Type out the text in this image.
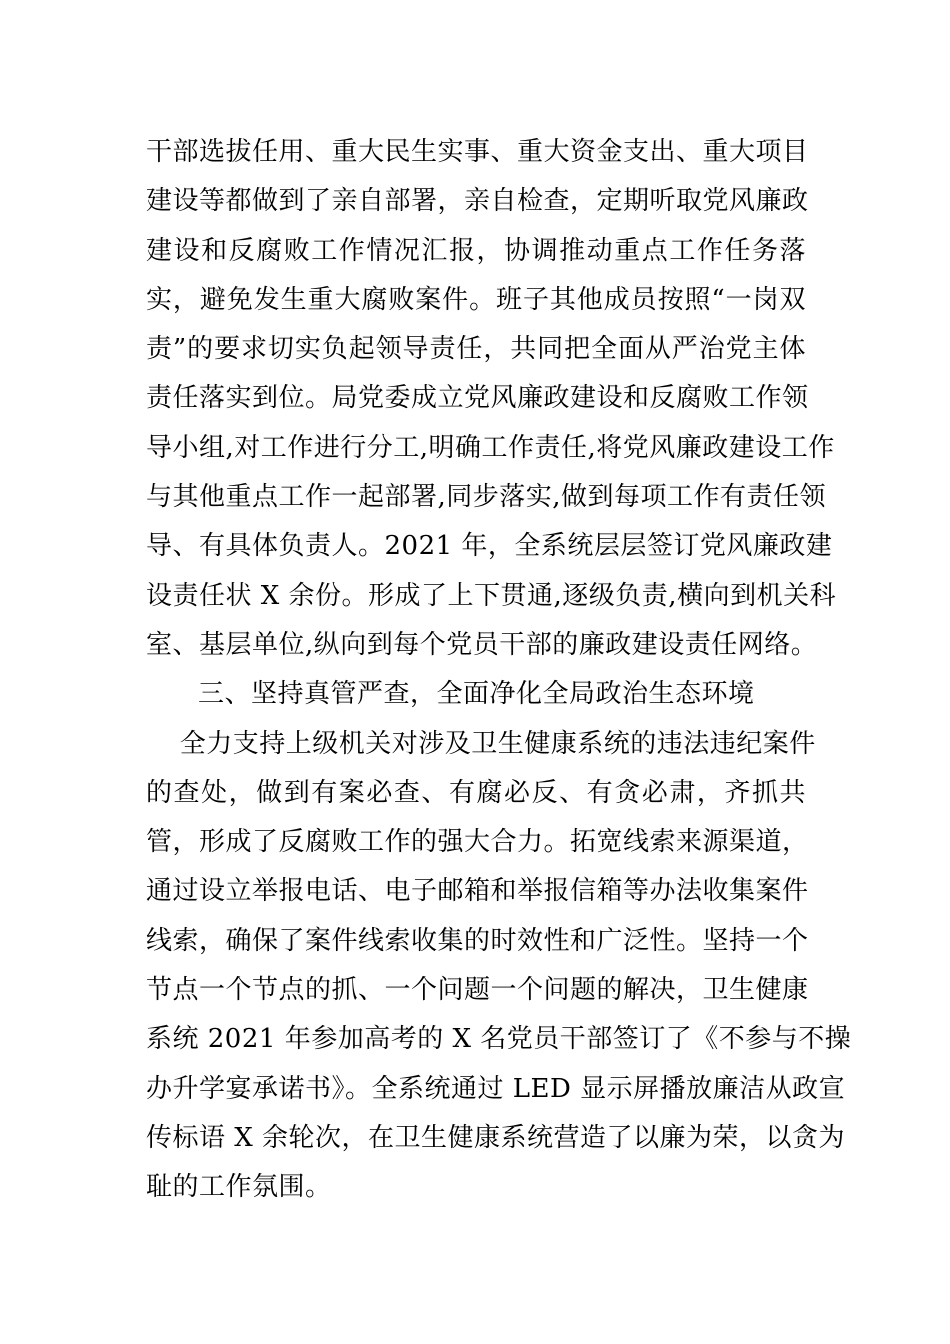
干部选拔任用、重大民生实事、重大资金支出、重大项目
建设等都做到了亲自部署，亲自检查，定期听取党风廉政
建设和反腐败工作情况汇报，协调推动重点工作任务落
实，避免发生重大腐败案件。班子其他成员按照“一岗双
责”的要求切实负起领导责任，共同把全面从严治党主体
责任落实到位。局党委成立党风廉政建设和反腐败工作领
导小组,对工作进行分工,明确工作责任,将党风廉政建设工作
与其他重点工作一起部署,同步落实,做到每项工作有责任领
导、有具体负责人。2021 年，全系统层层签订党风廉政建
设责任状 X 余份。形成了上下贯通,逐级负责,横向到机关科
室、基层单位,纵向到每个党员干部的廉政建设责任网络。
三、坚持真管严查，全面净化全局政治生态环境
全力支持上级机关对涉及卫生健康系统的违法违纪案件
的查处，做到有案必查、有腐必反、有贪必肃，齐抓共
管，形成了反腐败工作的强大合力。拓宽线索来源渠道，
通过设立举报电话、电子邮箱和举报信箱等办法收集案件
线索，确保了案件线索收集的时效性和广泛性。坚持一个
节点一个节点的抓、一个问题一个问题的解决，卫生健康
系统 2021 年参加高考的 X 名党员干部签订了《不参与不操
办升学宴承诺书》。全系统通过 LED 显示屏播放廉洁从政宣
传标语 X 余轮次，在卫生健康系统营造了以廉为荣，以贪为
耻的工作氛围。
